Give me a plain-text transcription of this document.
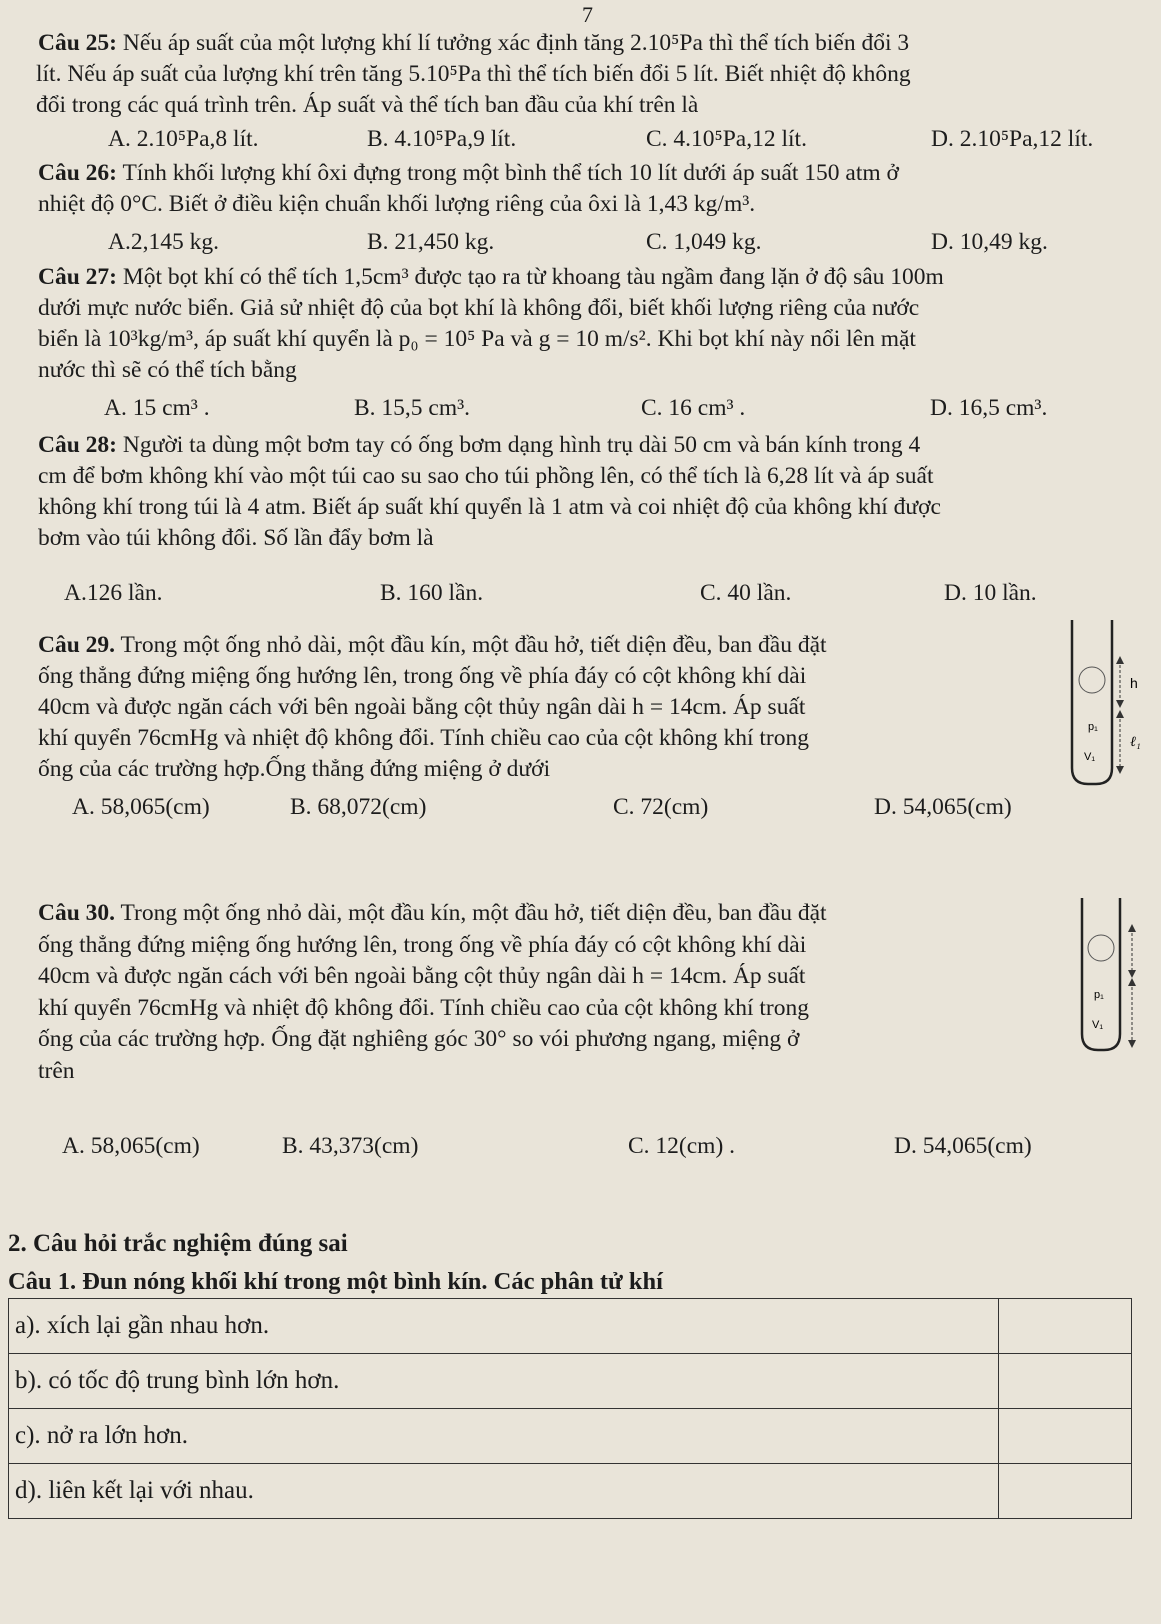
7

Câu 25: Nếu áp suất của một lượng khí lí tưởng xác định tăng 2.10⁵Pa thì thể tích biến đổi 3

lít. Nếu áp suất của lượng khí trên tăng 5.10⁵Pa thì thể tích biến đổi 5 lít. Biết nhiệt độ không

đổi trong các quá trình trên. Áp suất và thể tích ban đầu của khí trên là

A. 2.10⁵Pa,8 lít.	B. 4.10⁵Pa,9 lít.	C. 4.10⁵Pa,12 lít.	D. 2.10⁵Pa,12 lít.

Câu 26: Tính khối lượng khí ôxi đựng trong một bình thể tích 10 lít dưới áp suất 150 atm ở

nhiệt độ 0°C. Biết ở điều kiện chuẩn khối lượng riêng của ôxi là 1,43 kg/m³.

A.2,145 kg.	B. 21,450 kg.	C. 1,049 kg.	D. 10,49 kg.

Câu 27: Một bọt khí có thể tích 1,5cm³ được tạo ra từ khoang tàu ngầm đang lặn ở độ sâu 100m

dưới mực nước biển. Giả sử nhiệt độ của bọt khí là không đổi, biết khối lượng riêng của nước

biển là 10³kg/m³, áp suất khí quyển là p₀ = 10⁵ Pa và g = 10 m/s². Khi bọt khí này nổi lên mặt

nước thì sẽ có thể tích bằng

A. 15 cm³ .	B. 15,5 cm³.	C. 16 cm³ .	D. 16,5 cm³.

Câu 28: Người ta dùng một bơm tay có ống bơm dạng hình trụ dài 50 cm và bán kính trong 4

cm để bơm không khí vào một túi cao su sao cho túi phồng lên, có thể tích là 6,28 lít và áp suất

không khí trong túi là 4 atm. Biết áp suất khí quyển là 1 atm và coi nhiệt độ của không khí được

bơm vào túi không đổi. Số lần đẩy bơm là

A.126 lần.	B. 160 lần.	C. 40 lần.	D. 10 lần.

Câu 29. Trong một ống nhỏ dài, một đầu kín, một đầu hở, tiết diện đều, ban đầu đặt

ống thẳng đứng miệng ống hướng lên, trong ống về phía đáy có cột không khí dài

40cm và được ngăn cách với bên ngoài bằng cột thủy ngân dài h = 14cm. Áp suất

khí quyển 76cmHg và nhiệt độ không đổi. Tính chiều cao của cột không khí trong

ống của các trường hợp.Ống thẳng đứng miệng ở dưới

h
p₁
V₁
ℓ₁
A. 58,065(cm)	B. 68,072(cm)	C. 72(cm)	D. 54,065(cm)

Câu 30. Trong một ống nhỏ dài, một đầu kín, một đầu hở, tiết diện đều, ban đầu đặt

ống thẳng đứng miệng ống hướng lên, trong ống về phía đáy có cột không khí dài

40cm và được ngăn cách với bên ngoài bằng cột thủy ngân dài h = 14cm. Áp suất

khí quyển 76cmHg và nhiệt độ không đổi. Tính chiều cao của cột không khí trong

ống của các trường hợp. Ống đặt nghiêng góc 30° so vói phương ngang, miệng ở

trên

p₁
V₁
A. 58,065(cm)	B. 43,373(cm)	C. 12(cm) .	D. 54,065(cm)
2. Câu hỏi trắc nghiệm đúng sai
Câu 1. Đun nóng khối khí trong một bình kín. Các phân tử khí
a). xích lại gần nhau hơn.	
b). có tốc độ trung bình lớn hơn.	
c). nở ra lớn hơn.	
d). liên kết lại với nhau.	
